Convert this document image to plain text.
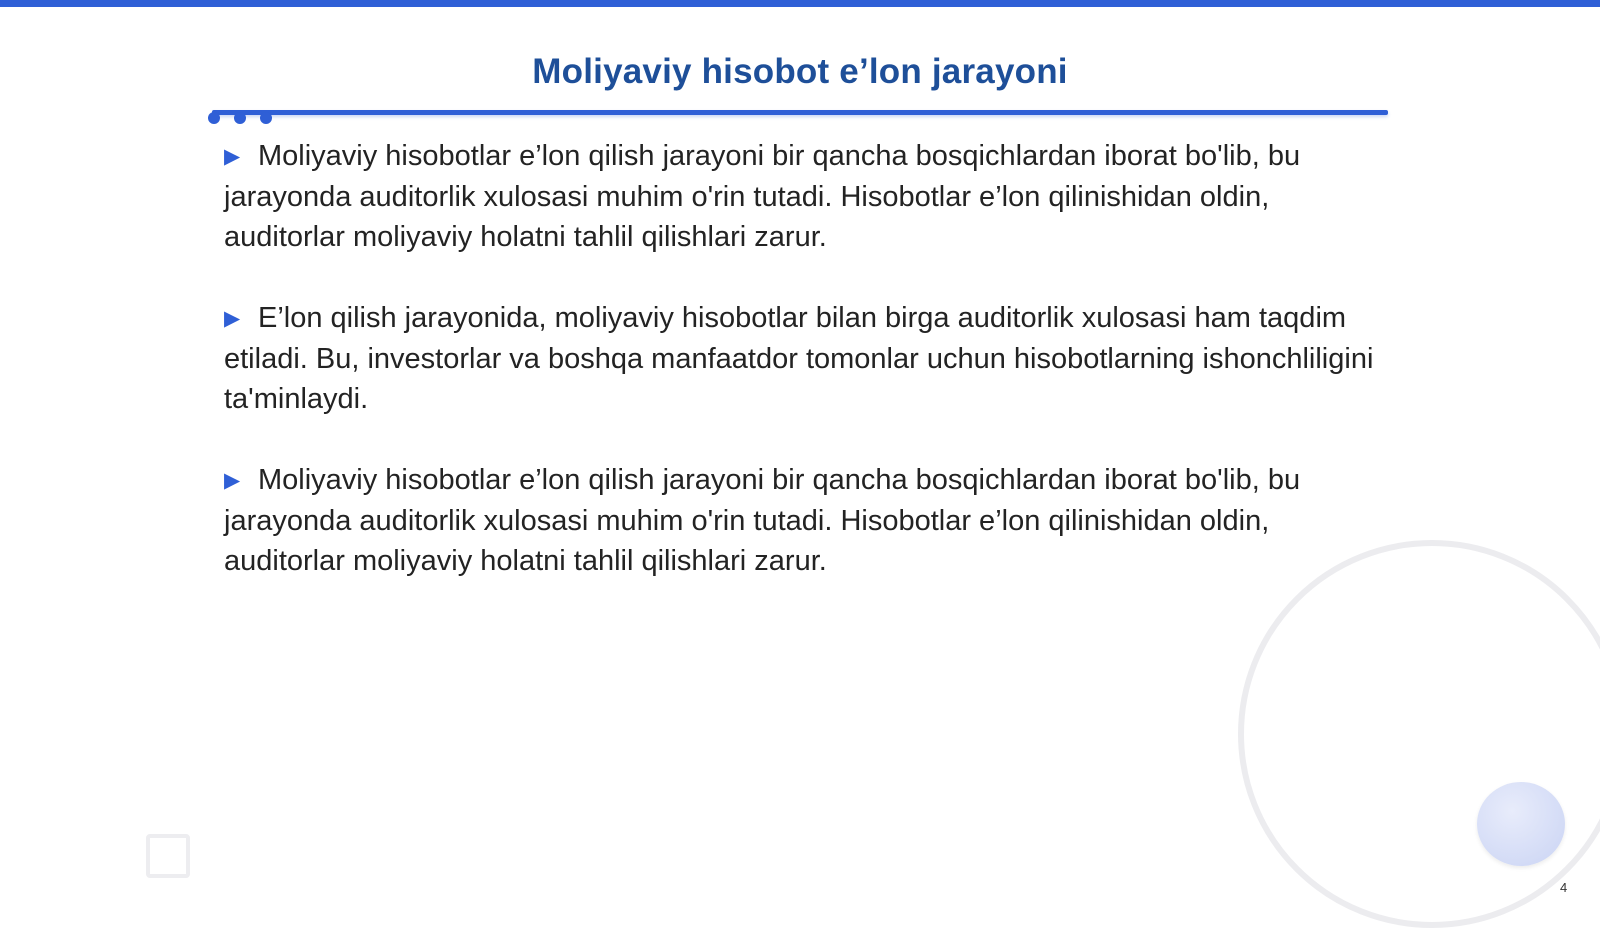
Moliyaviy hisobot e’lon jarayoni

▶ Moliyaviy hisobotlar e’lon qilish jarayoni bir qancha bosqichlardan iborat bo'lib, bu jarayonda auditorlik xulosasi muhim o'rin tutadi. Hisobotlar e’lon qilinishidan oldin, auditorlar moliyaviy holatni tahlil qilishlari zarur.

▶ E’lon qilish jarayonida, moliyaviy hisobotlar bilan birga auditorlik xulosasi ham taqdim etiladi. Bu, investorlar va boshqa manfaatdor tomonlar uchun hisobotlarning ishonchliligini ta'minlaydi.

▶ Moliyaviy hisobotlar e’lon qilish jarayoni bir qancha bosqichlardan iborat bo'lib, bu jarayonda auditorlik xulosasi muhim o'rin tutadi. Hisobotlar e’lon qilinishidan oldin, auditorlar moliyaviy holatni tahlil qilishlari zarur.

4
